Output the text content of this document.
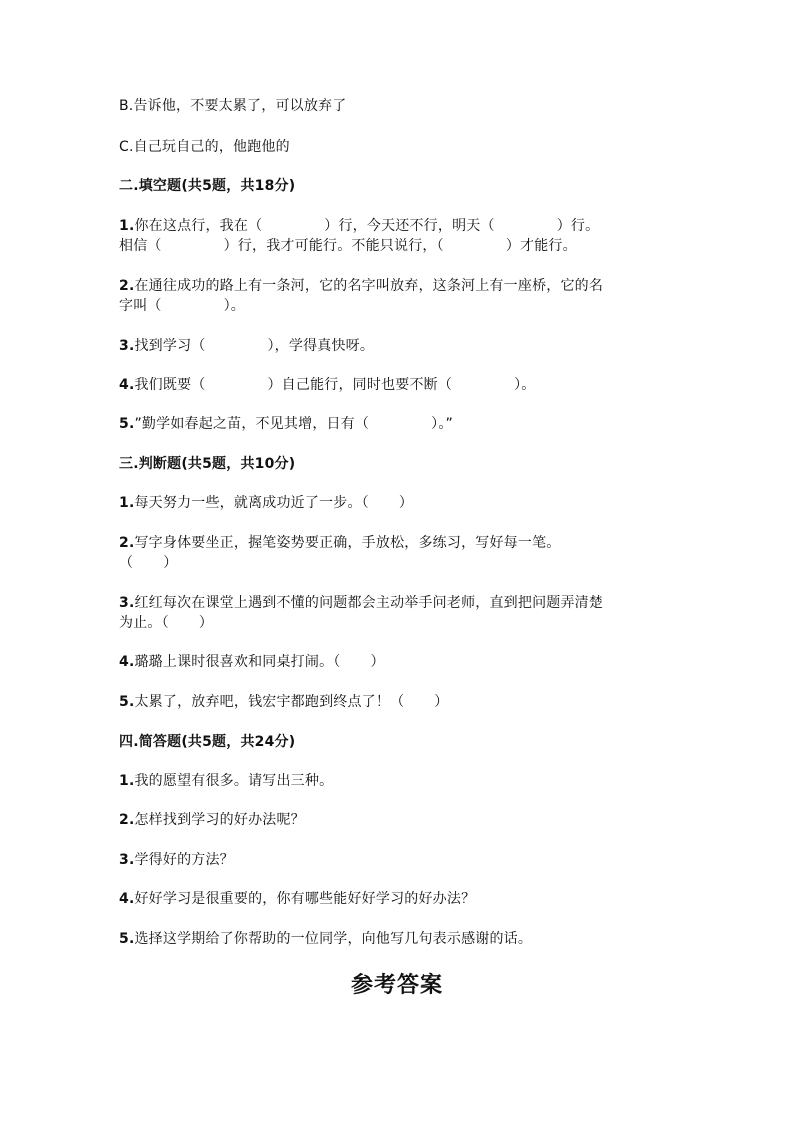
B.告诉他，不要太累了，可以放弃了
C.自己玩自己的，他跑他的
二.填空题(共5题，共18分)
1.你在这点行，我在（	）行，今天还不行，明天（	）行。
相信（	）行，我才可能行。不能只说行，（	）才能行。
2.在通往成功的路上有一条河，它的名字叫放弃，这条河上有一座桥，它的名
字叫（	）。
3.找到学习（	），学得真快呀。
4.我们既要（	）自己能行，同时也要不断（	）。
5.”勤学如春起之苗，不见其增，日有（	）。”
三.判断题(共5题，共10分)
1.每天努力一些，就离成功近了一步。（ ）
2.写字身体要坐正，握笔姿势要正确，手放松，多练习，写好每一笔。
（ ）
3.红红每次在课堂上遇到不懂的问题都会主动举手问老师，直到把问题弄清楚
为止。（ ）
4.璐璐上课时很喜欢和同桌打闹。（ ）
5.太累了，放弃吧，钱宏宇都跑到终点了！（ ）
四.简答题(共5题，共24分)
1.我的愿望有很多。请写出三种。
2.怎样找到学习的好办法呢？
3.学得好的方法？
4.好好学习是很重要的，你有哪些能好好学习的好办法？
5.选择这学期给了你帮助的一位同学，向他写几句表示感谢的话。
参考答案
